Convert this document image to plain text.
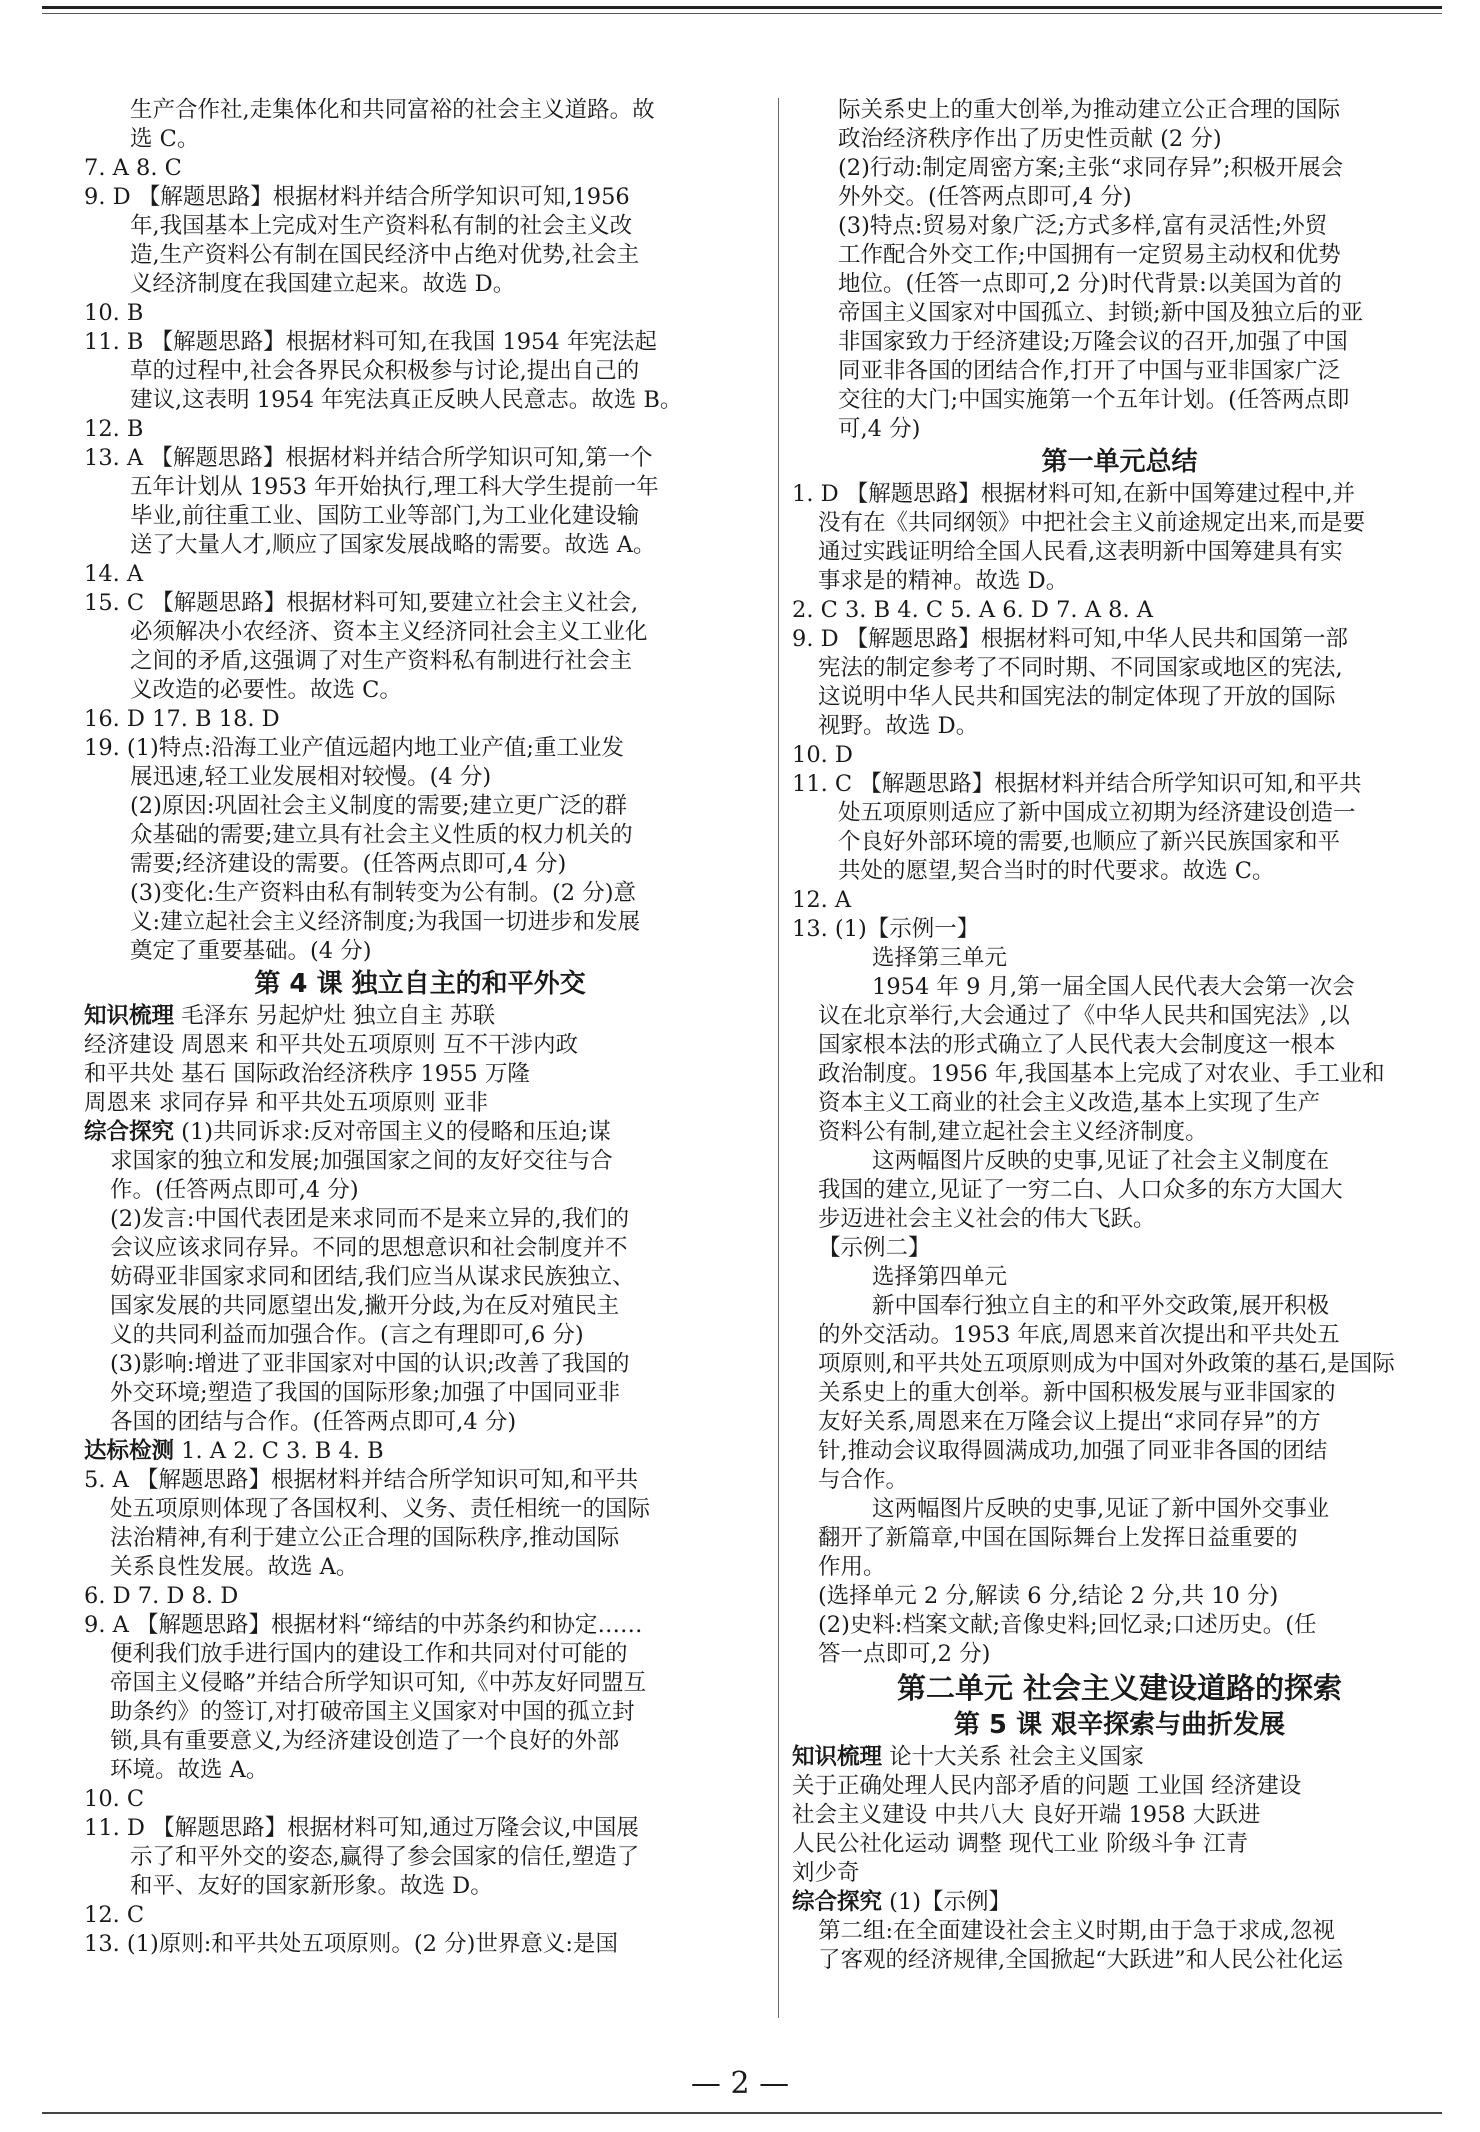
生产合作社,走集体化和共同富裕的社会主义道路。故

选 C。

7. A 8. C

9. D 【解题思路】根据材料并结合所学知识可知,1956

年,我国基本上完成对生产资料私有制的社会主义改

造,生产资料公有制在国民经济中占绝对优势,社会主

义经济制度在我国建立起来。故选 D。

10. B

11. B 【解题思路】根据材料可知,在我国 1954 年宪法起

草的过程中,社会各界民众积极参与讨论,提出自己的

建议,这表明 1954 年宪法真正反映人民意志。故选 B。

12. B

13. A 【解题思路】根据材料并结合所学知识可知,第一个

五年计划从 1953 年开始执行,理工科大学生提前一年

毕业,前往重工业、国防工业等部门,为工业化建设输

送了大量人才,顺应了国家发展战略的需要。故选 A。

14. A

15. C 【解题思路】根据材料可知,要建立社会主义社会,

必须解决小农经济、资本主义经济同社会主义工业化

之间的矛盾,这强调了对生产资料私有制进行社会主

义改造的必要性。故选 C。

16. D 17. B 18. D

19. (1)特点:沿海工业产值远超内地工业产值;重工业发

展迅速,轻工业发展相对较慢。(4 分)

(2)原因:巩固社会主义制度的需要;建立更广泛的群

众基础的需要;建立具有社会主义性质的权力机关的

需要;经济建设的需要。(任答两点即可,4 分)

(3)变化:生产资料由私有制转变为公有制。(2 分)意

义:建立起社会主义经济制度;为我国一切进步和发展

奠定了重要基础。(4 分)

第 4 课 独立自主的和平外交

知识梳理 毛泽东 另起炉灶 独立自主 苏联

经济建设 周恩来 和平共处五项原则 互不干涉内政

和平共处 基石 国际政治经济秩序 1955 万隆

周恩来 求同存异 和平共处五项原则 亚非

综合探究 (1)共同诉求:反对帝国主义的侵略和压迫;谋

求国家的独立和发展;加强国家之间的友好交往与合

作。(任答两点即可,4 分)

(2)发言:中国代表团是来求同而不是来立异的,我们的

会议应该求同存异。不同的思想意识和社会制度并不

妨碍亚非国家求同和团结,我们应当从谋求民族独立、

国家发展的共同愿望出发,撇开分歧,为在反对殖民主

义的共同利益而加强合作。(言之有理即可,6 分)

(3)影响:增进了亚非国家对中国的认识;改善了我国的

外交环境;塑造了我国的国际形象;加强了中国同亚非

各国的团结与合作。(任答两点即可,4 分)

达标检测 1. A 2. C 3. B 4. B

5. A 【解题思路】根据材料并结合所学知识可知,和平共

处五项原则体现了各国权利、义务、责任相统一的国际

法治精神,有利于建立公正合理的国际秩序,推动国际

关系良性发展。故选 A。

6. D 7. D 8. D

9. A 【解题思路】根据材料“缔结的中苏条约和协定……

便利我们放手进行国内的建设工作和共同对付可能的

帝国主义侵略”并结合所学知识可知,《中苏友好同盟互

助条约》的签订,对打破帝国主义国家对中国的孤立封

锁,具有重要意义,为经济建设创造了一个良好的外部

环境。故选 A。

10. C

11. D 【解题思路】根据材料可知,通过万隆会议,中国展

示了和平外交的姿态,赢得了参会国家的信任,塑造了

和平、友好的国家新形象。故选 D。

12. C

13. (1)原则:和平共处五项原则。(2 分)世界意义:是国

际关系史上的重大创举,为推动建立公正合理的国际

政治经济秩序作出了历史性贡献 (2 分)

(2)行动:制定周密方案;主张“求同存异”;积极开展会

外外交。(任答两点即可,4 分)

(3)特点:贸易对象广泛;方式多样,富有灵活性;外贸

工作配合外交工作;中国拥有一定贸易主动权和优势

地位。(任答一点即可,2 分)时代背景:以美国为首的

帝国主义国家对中国孤立、封锁;新中国及独立后的亚

非国家致力于经济建设;万隆会议的召开,加强了中国

同亚非各国的团结合作,打开了中国与亚非国家广泛

交往的大门;中国实施第一个五年计划。(任答两点即

可,4 分)

第一单元总结

1. D 【解题思路】根据材料可知,在新中国筹建过程中,并

没有在《共同纲领》中把社会主义前途规定出来,而是要

通过实践证明给全国人民看,这表明新中国筹建具有实

事求是的精神。故选 D。

2. C 3. B 4. C 5. A 6. D 7. A 8. A

9. D 【解题思路】根据材料可知,中华人民共和国第一部

宪法的制定参考了不同时期、不同国家或地区的宪法,

这说明中华人民共和国宪法的制定体现了开放的国际

视野。故选 D。

10. D

11. C 【解题思路】根据材料并结合所学知识可知,和平共

处五项原则适应了新中国成立初期为经济建设创造一

个良好外部环境的需要,也顺应了新兴民族国家和平

共处的愿望,契合当时的时代要求。故选 C。

12. A

13. (1)【示例一】

选择第三单元

1954 年 9 月,第一届全国人民代表大会第一次会

议在北京举行,大会通过了《中华人民共和国宪法》,以

国家根本法的形式确立了人民代表大会制度这一根本

政治制度。1956 年,我国基本上完成了对农业、手工业和

资本主义工商业的社会主义改造,基本上实现了生产

资料公有制,建立起社会主义经济制度。

这两幅图片反映的史事,见证了社会主义制度在

我国的建立,见证了一穷二白、人口众多的东方大国大

步迈进社会主义社会的伟大飞跃。

【示例二】

选择第四单元

新中国奉行独立自主的和平外交政策,展开积极

的外交活动。1953 年底,周恩来首次提出和平共处五

项原则,和平共处五项原则成为中国对外政策的基石,是国际

关系史上的重大创举。新中国积极发展与亚非国家的

友好关系,周恩来在万隆会议上提出“求同存异”的方

针,推动会议取得圆满成功,加强了同亚非各国的团结

与合作。

这两幅图片反映的史事,见证了新中国外交事业

翻开了新篇章,中国在国际舞台上发挥日益重要的

作用。

(选择单元 2 分,解读 6 分,结论 2 分,共 10 分)

(2)史料:档案文献;音像史料;回忆录;口述历史。(任

答一点即可,2 分)

第二单元 社会主义建设道路的探索

第 5 课 艰辛探索与曲折发展

知识梳理 论十大关系 社会主义国家

关于正确处理人民内部矛盾的问题 工业国 经济建设

社会主义建设 中共八大 良好开端 1958 大跃进

人民公社化运动 调整 现代工业 阶级斗争 江青

刘少奇

综合探究 (1)【示例】

第二组:在全面建设社会主义时期,由于急于求成,忽视

了客观的经济规律,全国掀起“大跃进”和人民公社化运

— 2 —
